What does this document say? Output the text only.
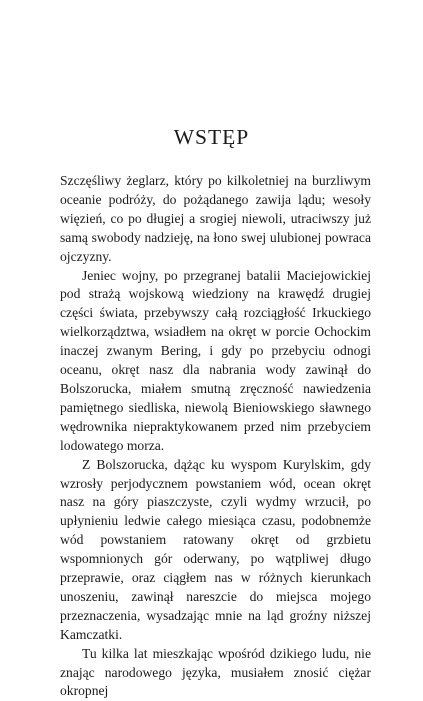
WSTĘP

Szczęśliwy żeglarz, który po kilkoletniej na burzliwym oceanie podróży, do pożądanego zawija lądu; wesoły więzień, co po długiej a srogiej niewoli, utraciwszy już samą swobody nadzieję, na łono swej ulubionej powraca ojczyzny.

Jeniec wojny, po przegranej batalii Maciejowickiej pod strażą wojskową wiedziony na krawędź drugiej części świata, przebywszy całą rozciągłość Irkuckiego wielkorządztwa, wsiadłem na okręt w porcie Ochockim inaczej zwanym Bering, i gdy po przebyciu odnogi oceanu, okręt nasz dla nabrania wody zawinął do Bolszorucka, miałem smutną zręczność nawiedzenia pamiętnego siedliska, niewolą Bieniowskiego sławnego wędrownika niepraktykowanem przed nim przebyciem lodowatego morza.

Z Bolszorucka, dążąc ku wyspom Kurylskim, gdy wzrosły perjodycznem powstaniem wód, ocean okręt nasz na góry piaszczyste, czyli wydmy wrzucił, po upłynieniu ledwie całego miesiąca czasu, podobnemże wód powstaniem ratowany okręt od grzbietu wspomnionych gór oderwany, po wątpliwej długo przeprawie, oraz ciągłem nas w różnych kierunkach unoszeniu, zawinął nareszcie do miejsca mojego przeznaczenia, wysadzając mnie na ląd groźny niższej Kamczatki.

Tu kilka lat mieszkając wpośród dzikiego ludu, nie znając narodowego języka, musiałem znosić ciężar okropnej
